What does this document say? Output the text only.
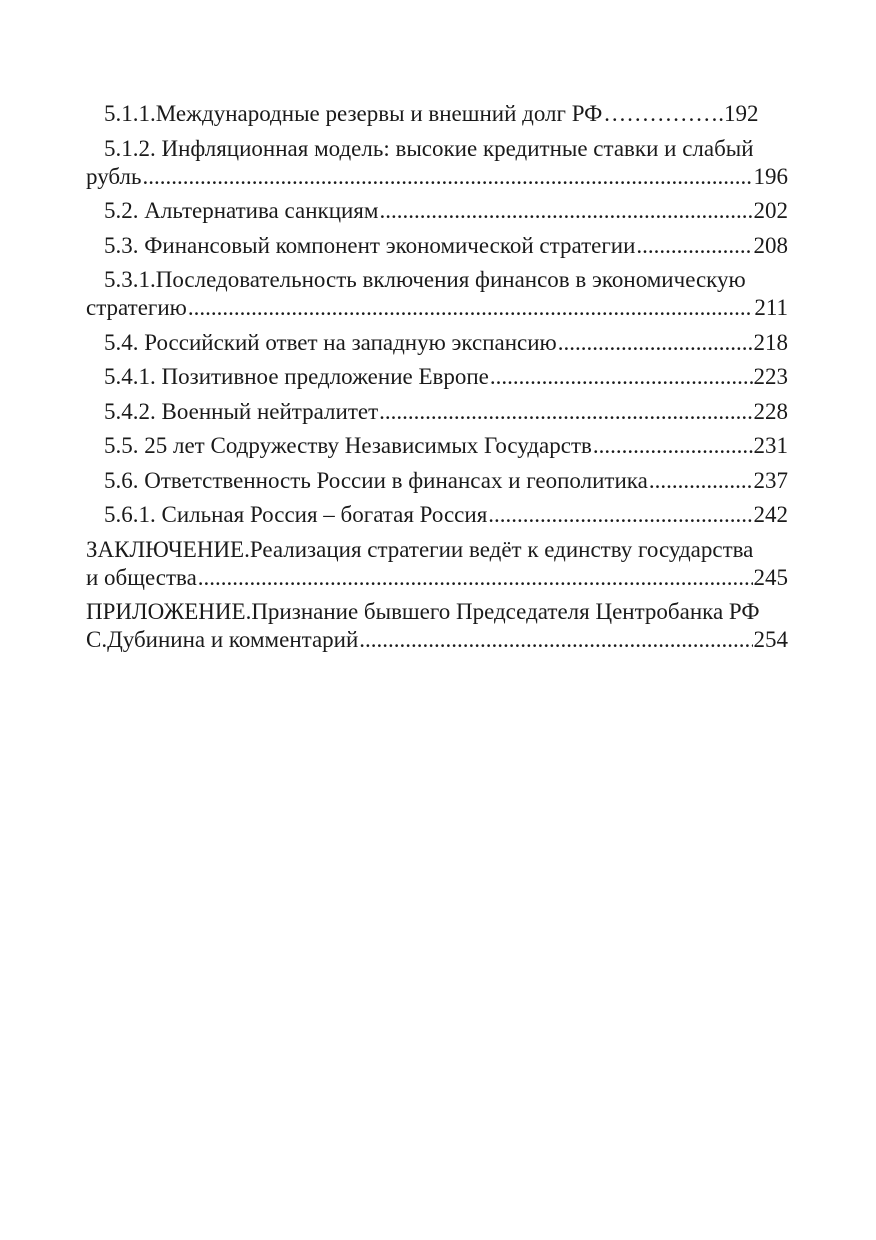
5.1.1.Международные резервы и внешний долг РФ ……………. 192
5.1.2. Инфляционная модель: высокие кредитные ставки и слабый
рубль .....	196
5.2. Альтернатива санкциям .....	202
5.3. Финансовый компонент экономической стратегии .....	208
5.3.1.Последовательность включения финансов в экономическую
стратегию .....	211
5.4. Российский ответ на западную экспансию .....	218
5.4.1. Позитивное предложение Европе .....	223
5.4.2. Военный нейтралитет .....	228
5.5. 25 лет Содружеству Независимых Государств .....	231
5.6. Ответственность России в финансах и геополитика .....	237
5.6.1. Сильная Россия – богатая Россия .....	242
ЗАКЛЮЧЕНИЕ.Реализация стратегии ведёт к единству государства
и общества .....	245
ПРИЛОЖЕНИЕ.Признание бывшего Председателя Центробанка РФ
С.Дубинина и комментарий .....	254
